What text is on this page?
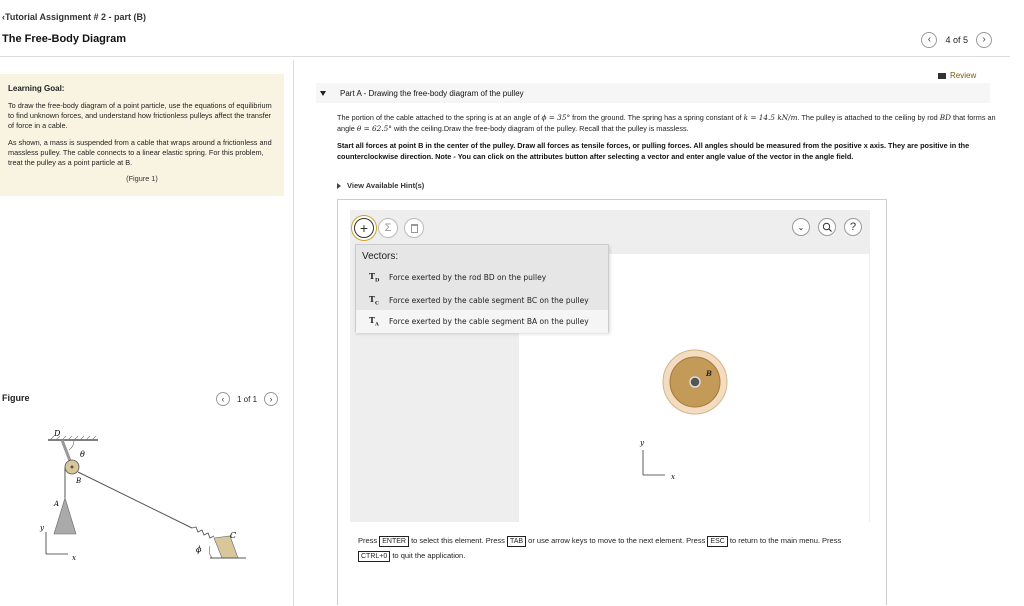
‹Tutorial Assignment # 2 - part (B)
The Free-Body Diagram	‹ 4 of 5 ›
Learning Goal:

To draw the free-body diagram of a point particle, use the equations of equilibrium to find unknown forces, and understand how frictionless pulleys affect the transfer of force in a cable.

As shown, a mass is suspended from a cable that wraps around a frictionless and massless pulley. The cable connects to a linear elastic spring. For this problem, treat the pulley as a point particle at B.

(Figure 1)
Figure	‹ 1 of 1 ›
D
θ
B
A
C
ϕ
y
x
Review
Part A - Drawing the free-body diagram of the pulley

The portion of the cable attached to the spring is at an angle of ϕ = 35° from the ground. The spring has a spring constant of k = 14.5 kN/m. The pulley is attached to the ceiling by rod BD that forms an angle θ = 62.5° with the ceiling.Draw the free-body diagram of the pulley. Recall that the pulley is massless.

Start all forces at point B in the center of the pulley. Draw all forces as tensile forces, or pulling forces. All angles should be measured from the positive x axis. They are positive in the counterclockwise direction. Note - You can click on the attributes button after selecting a vector and enter angle value of the vector in the angle field.

View Available Hint(s)
+ Σ	⌄	?
B
y
x
Vectors:
$T_D$	Force exerted by the rod BD on the pulley
$T_C$	Force exerted by the cable segment BC on the pulley
$T_A$	Force exerted by the cable segment BA on the pulley
Press ENTER to select this element. Press TAB or use arrow keys to move to the next element. Press ESC to return to the main menu. Press CTRL+0 to quit the application.
